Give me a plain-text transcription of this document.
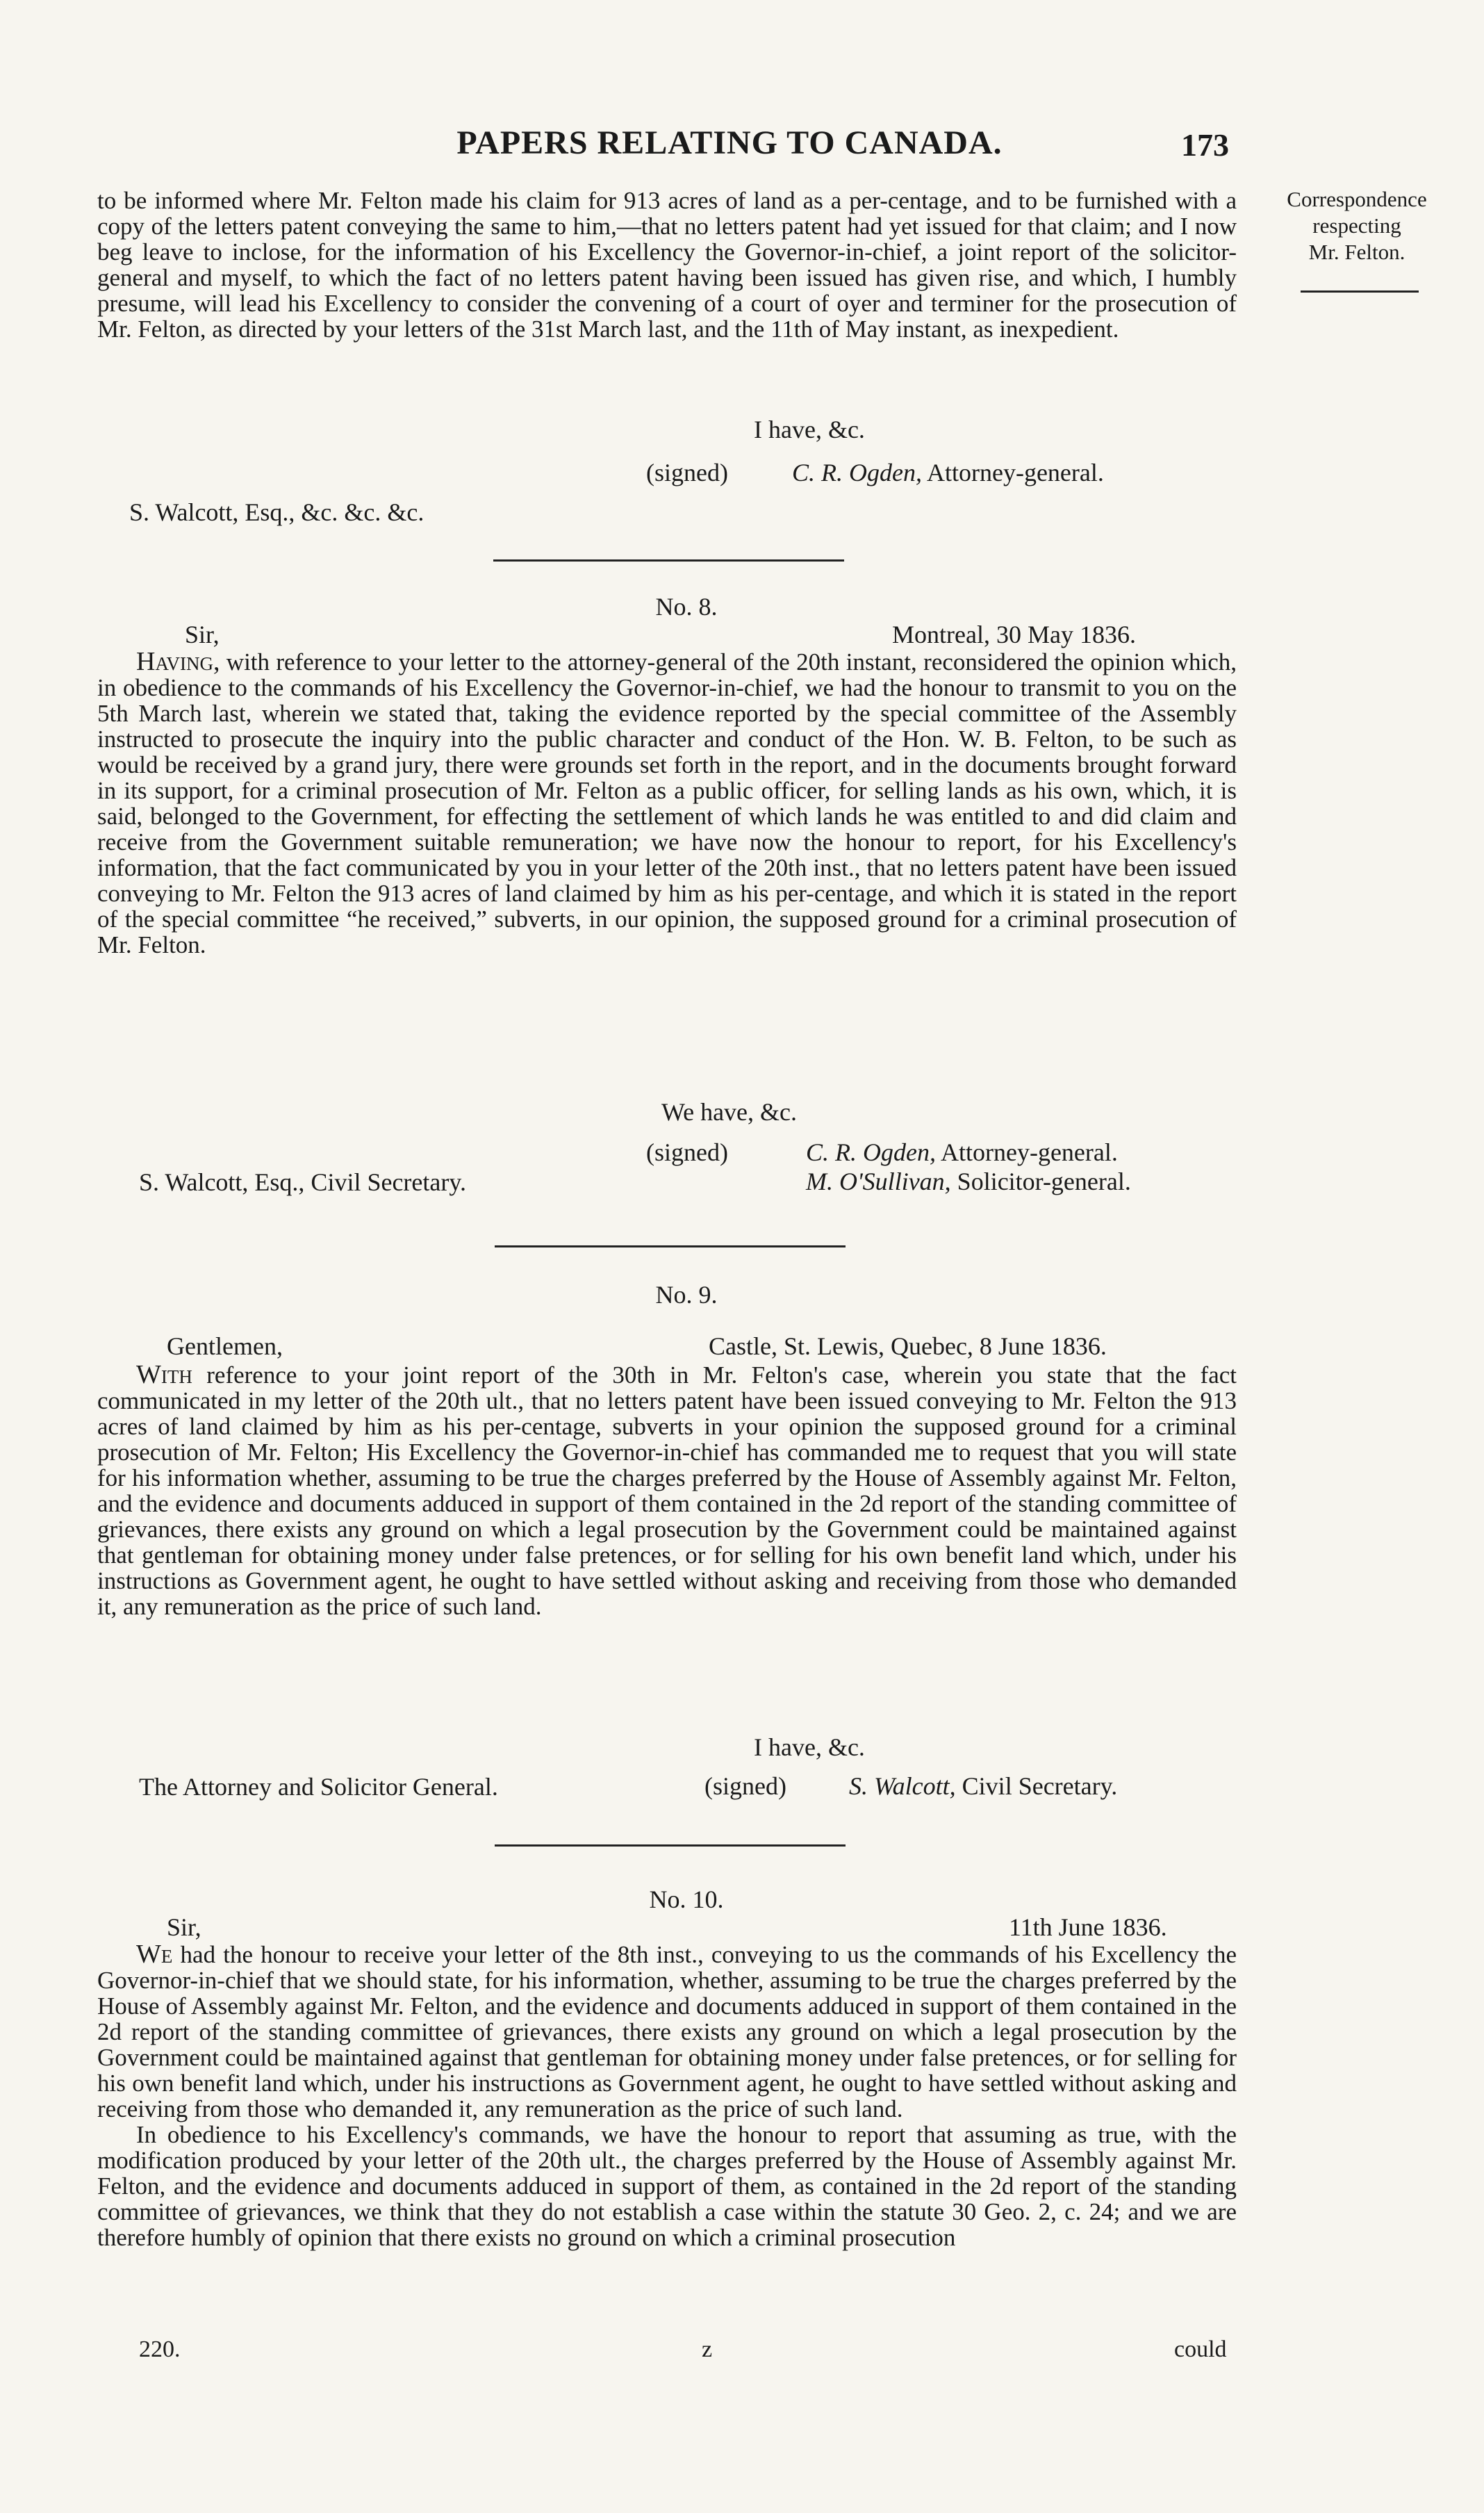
PAPERS RELATING TO CANADA.	173
Correspondence
respecting
Mr. Felton.

to be informed where Mr. Felton made his claim for 913 acres of land as a per-centage, and to be furnished with a copy of the letters patent conveying the same to him,—that no letters patent had yet issued for that claim; and I now beg leave to inclose, for the information of his Excellency the Governor-in-chief, a joint report of the solicitor-general and myself, to which the fact of no letters patent having been issued has given rise, and which, I humbly presume, will lead his Excellency to consider the convening of a court of oyer and terminer for the prosecution of Mr. Felton, as directed by your letters of the 31st March last, and the 11th of May instant, as inexpedient.

I have, &c.
(signed)	C. R. Ogden, Attorney-general.
S. Walcott, Esq., &c. &c. &c.
No. 8.
Sir,	Montreal, 30 May 1836.

Having, with reference to your letter to the attorney-general of the 20th instant, reconsidered the opinion which, in obedience to the commands of his Excellency the Governor-in-chief, we had the honour to transmit to you on the 5th March last, wherein we stated that, taking the evidence reported by the special committee of the Assembly instructed to prosecute the inquiry into the public character and conduct of the Hon. W. B. Felton, to be such as would be received by a grand jury, there were grounds set forth in the report, and in the documents brought forward in its support, for a criminal prosecution of Mr. Felton as a public officer, for selling lands as his own, which, it is said, belonged to the Government, for effecting the settlement of which lands he was entitled to and did claim and receive from the Government suitable remuneration; we have now the honour to report, for his Excellency's information, that the fact communicated by you in your letter of the 20th inst., that no letters patent have been issued conveying to Mr. Felton the 913 acres of land claimed by him as his per-centage, and which it is stated in the report of the special committee “he received,” subverts, in our opinion, the supposed ground for a criminal prosecution of Mr. Felton.

We have, &c.
(signed)	C. R. Ogden, Attorney-general.
S. Walcott, Esq., Civil Secretary.	M. O'Sullivan, Solicitor-general.
No. 9.
Gentlemen,	Castle, St. Lewis, Quebec, 8 June 1836.

With reference to your joint report of the 30th in Mr. Felton's case, wherein you state that the fact communicated in my letter of the 20th ult., that no letters patent have been issued conveying to Mr. Felton the 913 acres of land claimed by him as his per-centage, subverts in your opinion the supposed ground for a criminal prosecution of Mr. Felton; His Excellency the Governor-in-chief has commanded me to request that you will state for his information whether, assuming to be true the charges preferred by the House of Assembly against Mr. Felton, and the evidence and documents adduced in support of them contained in the 2d report of the standing committee of grievances, there exists any ground on which a legal prosecution by the Government could be maintained against that gentleman for obtaining money under false pretences, or for selling for his own benefit land which, under his instructions as Government agent, he ought to have settled without asking and receiving from those who demanded it, any remuneration as the price of such land.

I have, &c.
The Attorney and Solicitor General.	(signed)	S. Walcott, Civil Secretary.
No. 10.
Sir,	11th June 1836.

We had the honour to receive your letter of the 8th inst., conveying to us the commands of his Excellency the Governor-in-chief that we should state, for his information, whether, assuming to be true the charges preferred by the House of Assembly against Mr. Felton, and the evidence and documents adduced in support of them contained in the 2d report of the standing committee of grievances, there exists any ground on which a legal prosecution by the Government could be maintained against that gentleman for obtaining money under false pretences, or for selling for his own benefit land which, under his instructions as Government agent, he ought to have settled without asking and receiving from those who demanded it, any remuneration as the price of such land.

In obedience to his Excellency's commands, we have the honour to report that assuming as true, with the modification produced by your letter of the 20th ult., the charges preferred by the House of Assembly against Mr. Felton, and the evidence and documents adduced in support of them, as contained in the 2d report of the standing committee of grievances, we think that they do not establish a case within the statute 30 Geo. 2, c. 24; and we are therefore humbly of opinion that there exists no ground on which a criminal prosecution

220.	z	could
